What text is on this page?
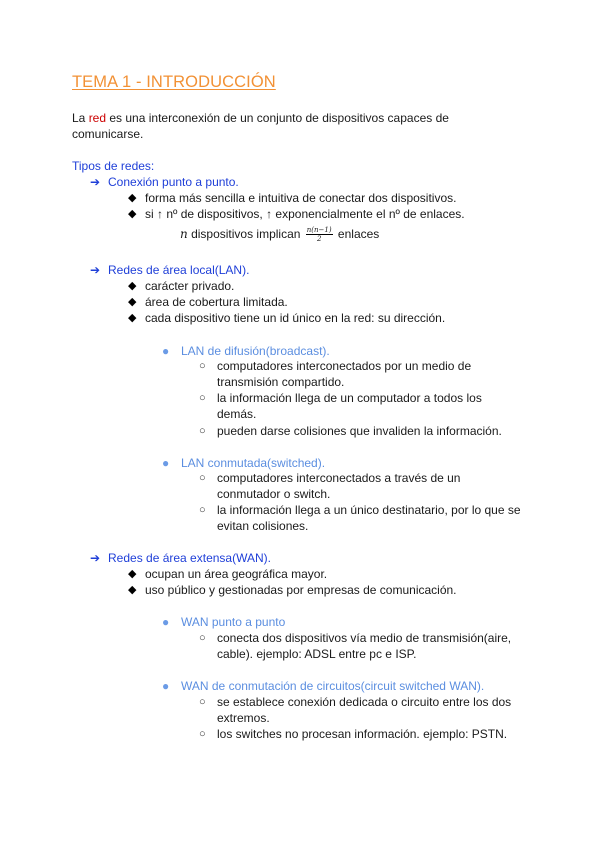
TEMA 1 - INTRODUCCIÓN
La red es una interconexión de un conjunto de dispositivos capaces de
comunicarse.
Tipos de redes:
➔ Conexión punto a punto.
◆ forma más sencilla e intuitiva de conectar dos dispositivos.
◆ si ↑ nº de dispositivos, ↑ exponencialmente el nº de enlaces.
n dispositivos implican $\frac{n(n-1)}{2}$ enlaces
➔ Redes de área local(LAN).
◆ carácter privado.
◆ área de cobertura limitada.
◆ cada dispositivo tiene un id único en la red: su dirección.
● LAN de difusión(broadcast).
○ computadores interconectados por un medio de
transmisión compartido.
○ la información llega de un computador a todos los
demás.
○ pueden darse colisiones que invaliden la información.
● LAN conmutada(switched).
○ computadores interconectados a través de un
conmutador o switch.
○ la información llega a un único destinatario, por lo que se
evitan colisiones.
➔ Redes de área extensa(WAN).
◆ ocupan un área geográfica mayor.
◆ uso público y gestionadas por empresas de comunicación.
● WAN punto a punto
○ conecta dos dispositivos vía medio de transmisión(aire,
cable). ejemplo: ADSL entre pc e ISP.
● WAN de conmutación de circuitos(circuit switched WAN).
○ se establece conexión dedicada o circuito entre los dos
extremos.
○ los switches no procesan información. ejemplo: PSTN.
